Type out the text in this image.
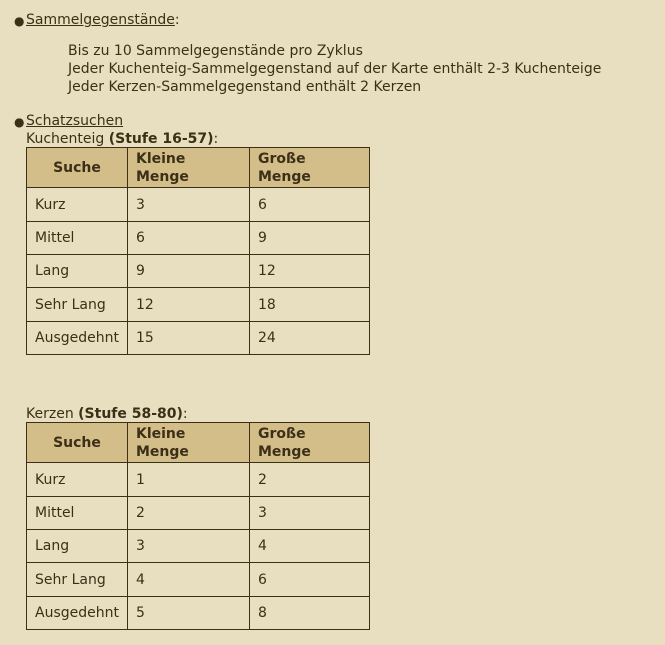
● Sammelgegenstände:
Bis zu 10 Sammelgegenstände pro Zyklus
Jeder Kuchenteig-Sammelgegenstand auf der Karte enthält 2-3 Kuchenteige
Jeder Kerzen-Sammelgegenstand enthält 2 Kerzen
● Schatzsuchen
Kuchenteig (Stufe 16-57):
Suche	Kleine Menge	Große Menge
Kurz	3	6
Mittel	6	9
Lang	9	12
Sehr Lang	12	18
Ausgedehnt	15	24
Kerzen (Stufe 58-80):
Suche	Kleine Menge	Große Menge
Kurz	1	2
Mittel	2	3
Lang	3	4
Sehr Lang	4	6
Ausgedehnt	5	8
